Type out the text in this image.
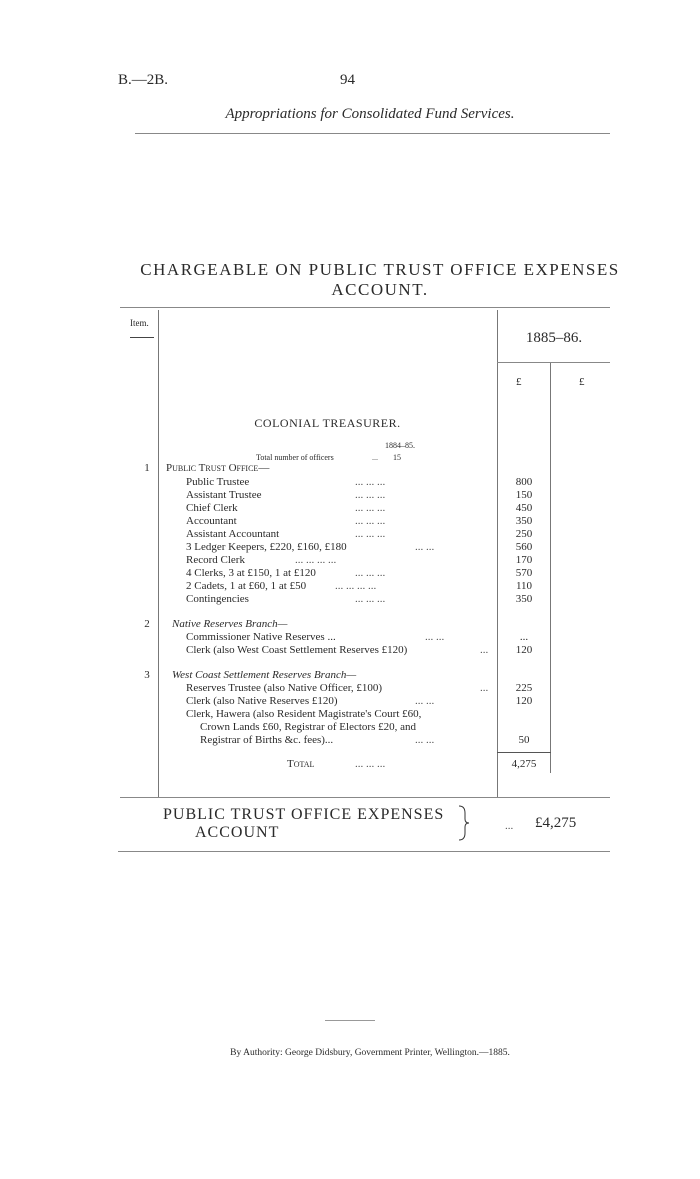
B.—2B.	94
Appropriations for Consolidated Fund Services.
CHARGEABLE ON PUBLIC TRUST OFFICE EXPENSES
ACCOUNT.
Item.
1885–86.
£	£
COLONIAL TREASURER.
1884–85.
Total number of officers	... 15
1 Public Trust Office—
Public Trustee	... ... ...	800
Assistant Trustee	... ... ...	150
Chief Clerk	... ... ...	450
Accountant	... ... ...	350
Assistant Accountant	... ... ...	250
3 Ledger Keepers, £220, £160, £180	... ...	560
Record Clerk	... ... ... ...	170
4 Clerks, 3 at £150, 1 at £120	... ... ...	570
2 Cadets, 1 at £60, 1 at £50	... ... ... ...	110
Contingencies	... ... ...	350
2 Native Reserves Branch—
Commissioner Native Reserves ...	... ...	...
Clerk (also West Coast Settlement Reserves £120)	...	120
3 West Coast Settlement Reserves Branch—
Reserves Trustee (also Native Officer, £100)	...	225
Clerk (also Native Reserves £120)	... ...	120
Clerk, Hawera (also Resident Magistrate's Court £60,
Crown Lands £60, Registrar of Electors £20, and
Registrar of Births &c. fees)...	... ...	50
Total	... ... ...	4,275
PUBLIC TRUST OFFICE EXPENSES
ACCOUNT	... £4,275
By Authority: George Didsbury, Government Printer, Wellington.—1885.
